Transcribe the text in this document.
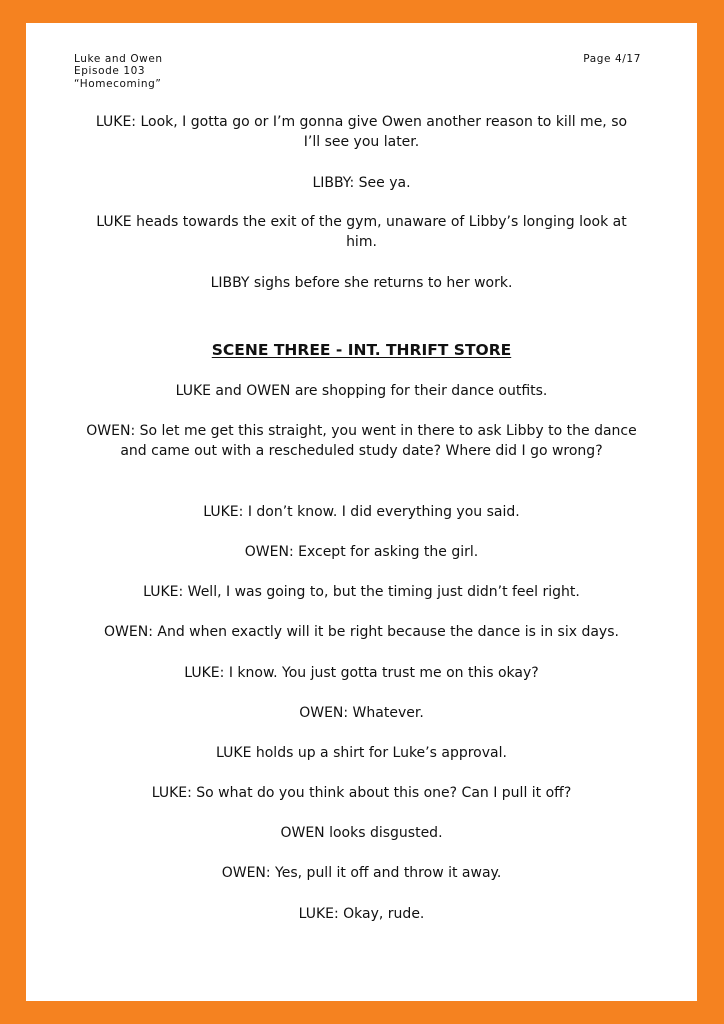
Luke and Owen
Episode 103
“Homecoming”
Page 4/17
LUKE: Look, I gotta go or I’m gonna give Owen another reason to kill me, so I’ll see you later.
LIBBY: See ya.
LUKE heads towards the exit of the gym, unaware of Libby’s longing look at him.
LIBBY sighs before she returns to her work.
SCENE THREE - INT. THRIFT STORE
LUKE and OWEN are shopping for their dance outfits.
OWEN: So let me get this straight, you went in there to ask Libby to the dance and came out with a rescheduled study date? Where did I go wrong?
LUKE: I don’t know. I did everything you said.
OWEN: Except for asking the girl.
LUKE: Well, I was going to, but the timing just didn’t feel right.
OWEN: And when exactly will it be right because the dance is in six days.
LUKE: I know. You just gotta trust me on this okay?
OWEN: Whatever.
LUKE holds up a shirt for Luke’s approval.
LUKE: So what do you think about this one? Can I pull it off?
OWEN looks disgusted.
OWEN: Yes, pull it off and throw it away.
LUKE: Okay, rude.
